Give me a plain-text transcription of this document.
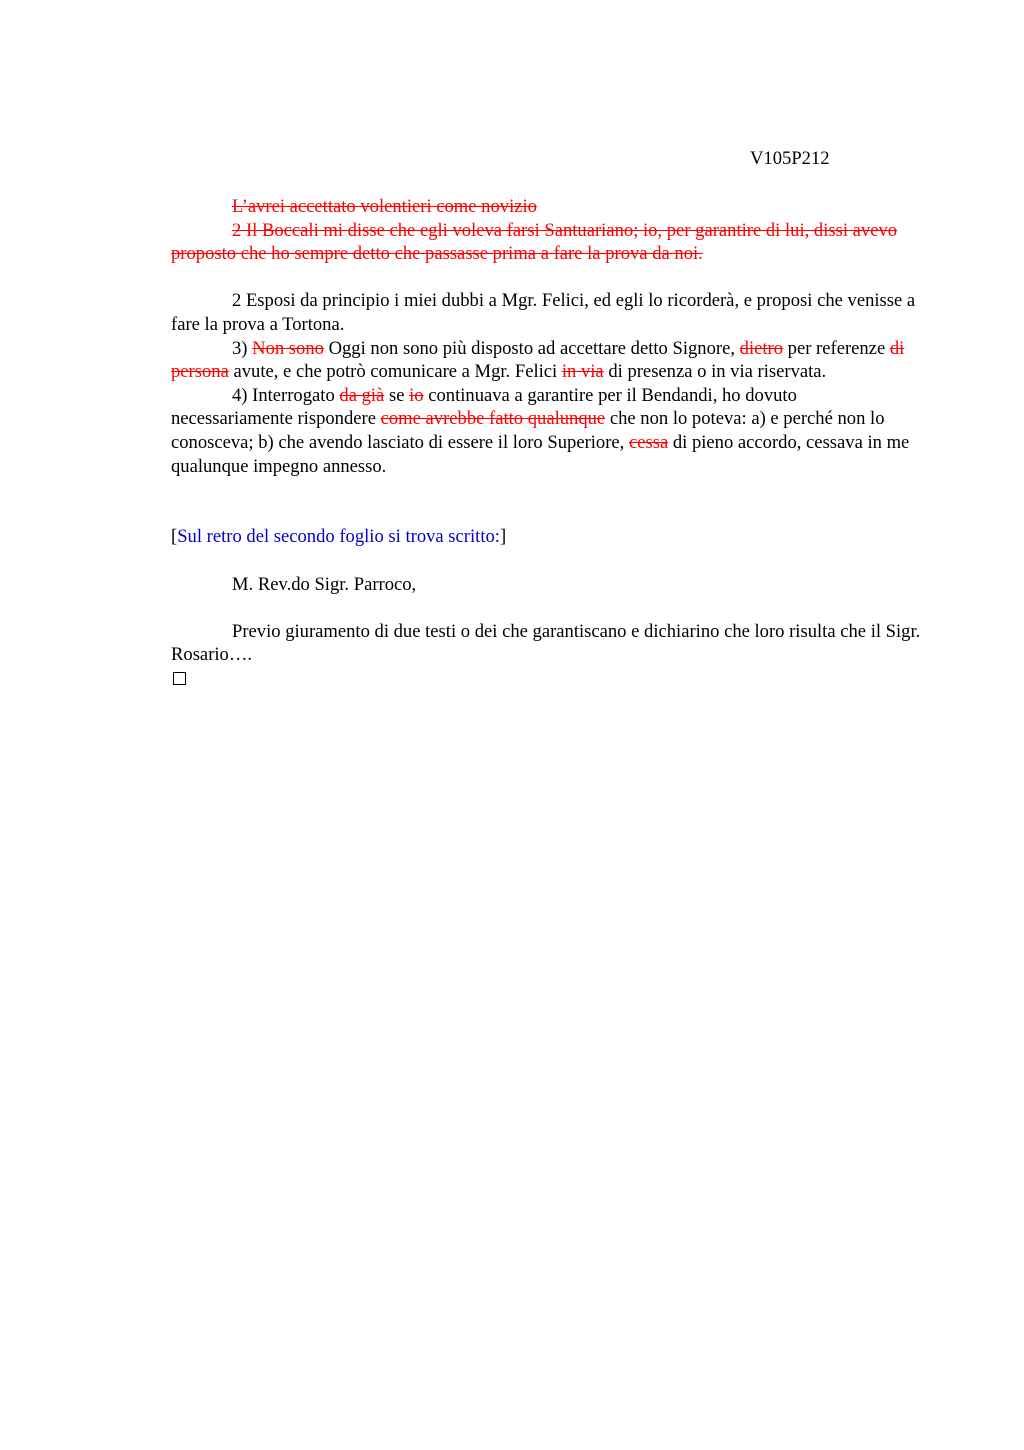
V105P212

L’avrei accettato volentieri come novizio

2 Il Boccali mi disse che egli voleva farsi Santuariano; io, per garantire di lui, dissi avevo proposto che ho sempre detto che passasse prima a fare la prova da noi.

2 Esposi da principio i miei dubbi a Mgr. Felici, ed egli lo ricorderà, e proposi che venisse a fare la prova a Tortona.

3) Non sono Oggi non sono più disposto ad accettare detto Signore, dietro per referenze di persona avute, e che potrò comunicare a Mgr. Felici in via di presenza o in via riservata.

4) Interrogato da già se io continuava a garantire per il Bendandi, ho dovuto necessariamente rispondere come avrebbe fatto qualunque che non lo poteva: a) e perché non lo conosceva; b) che avendo lasciato di essere il loro Superiore, cessa di pieno accordo, cessava in me qualunque impegno annesso.

[Sul retro del secondo foglio si trova scritto:]

M. Rev.do Sigr. Parroco,

Previo giuramento di due testi o dei che garantiscano e dichiarino che loro risulta che il Sigr. Rosario….
